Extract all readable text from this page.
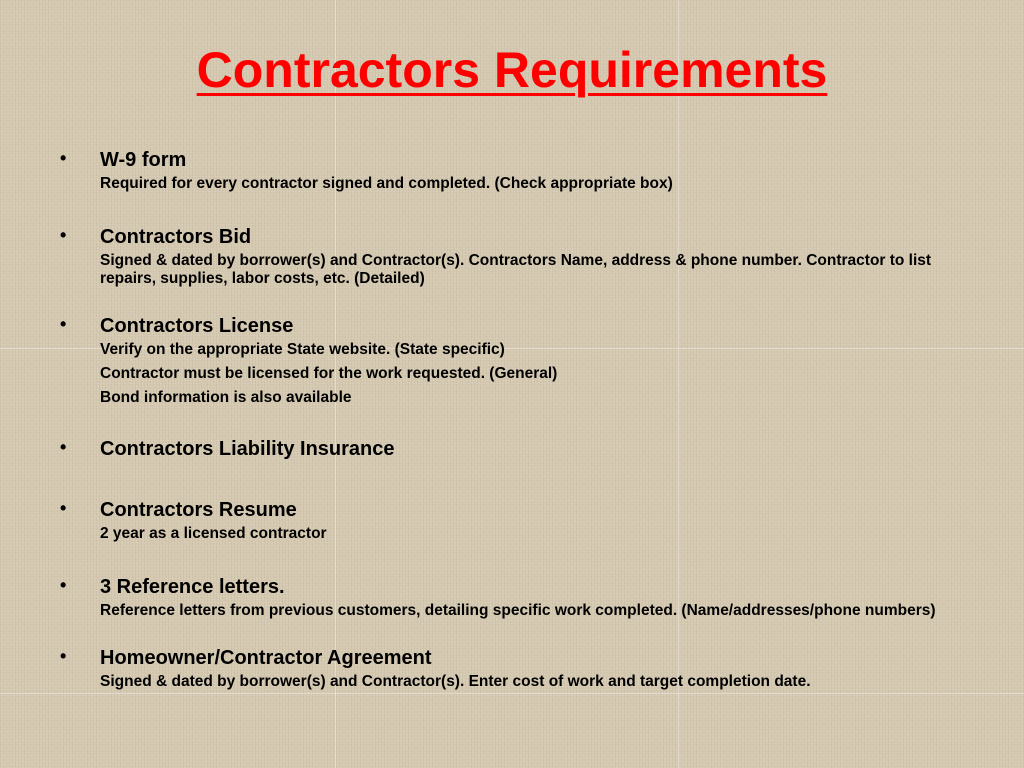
Contractors Requirements
• W-9 form
Required for every contractor signed and completed. (Check appropriate box)
• Contractors Bid
Signed & dated by borrower(s) and Contractor(s). Contractors Name, address & phone number. Contractor to list repairs, supplies, labor costs, etc. (Detailed)
• Contractors License
Verify on the appropriate State website. (State specific)
Contractor must be licensed for the work requested. (General)
Bond information is also available
• Contractors Liability Insurance
• Contractors Resume
2 year as a licensed contractor
• 3 Reference letters.
Reference letters from previous customers, detailing specific work completed. (Name/addresses/phone numbers)
• Homeowner/Contractor Agreement
Signed & dated by borrower(s) and Contractor(s). Enter cost of work and target completion date.
